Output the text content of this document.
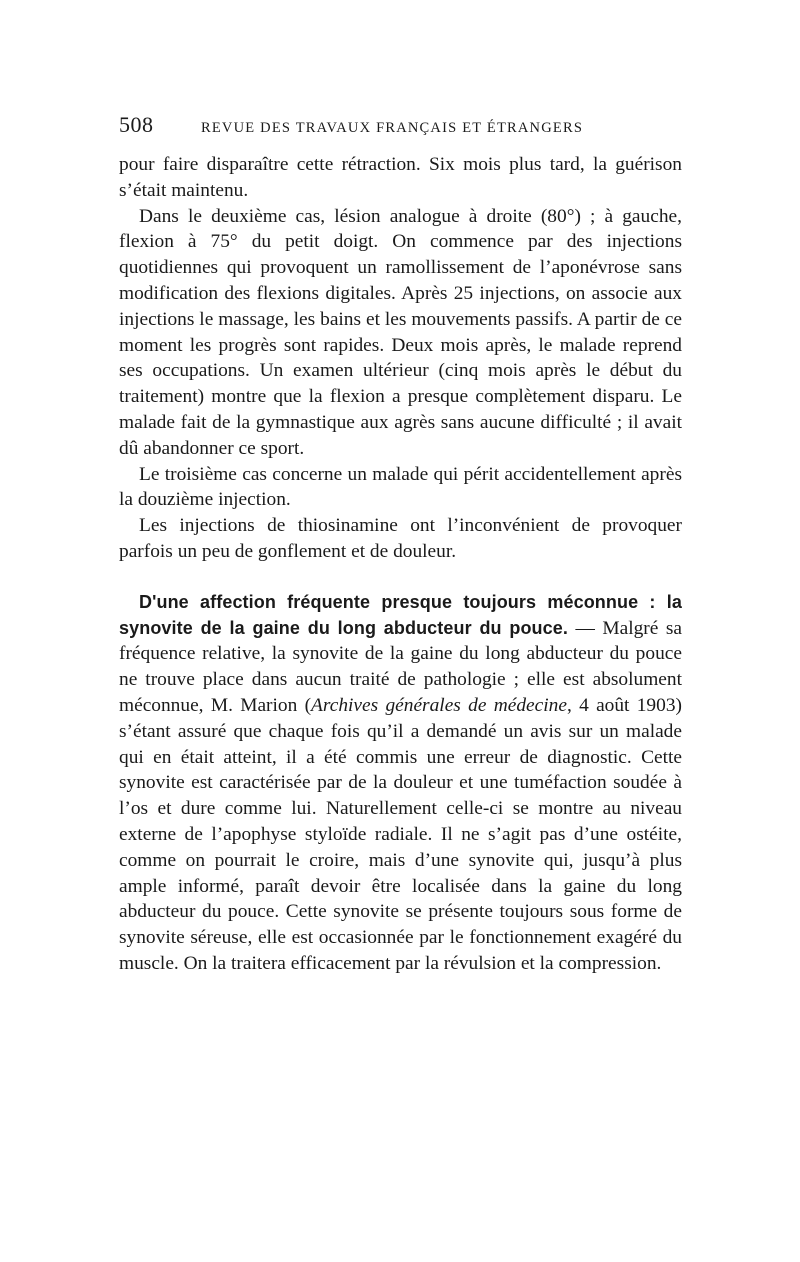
508	REVUE DES TRAVAUX FRANÇAIS ET ÉTRANGERS

pour faire disparaître cette rétraction. Six mois plus tard, la guérison s’était maintenu.

Dans le deuxième cas, lésion analogue à droite (80°) ; à gauche, flexion à 75° du petit doigt. On commence par des injections quotidiennes qui provoquent un ramollissement de l’aponévrose sans modification des flexions digitales. Après 25 injections, on associe aux injections le massage, les bains et les mouvements passifs. A partir de ce moment les progrès sont rapides. Deux mois après, le malade reprend ses occupations. Un examen ultérieur (cinq mois après le début du traitement) montre que la flexion a presque complètement disparu. Le malade fait de la gymnastique aux agrès sans aucune difficulté ; il avait dû abandonner ce sport.

Le troisième cas concerne un malade qui périt accidentellement après la douzième injection.

Les injections de thiosinamine ont l’inconvénient de provoquer parfois un peu de gonflement et de douleur.

D'une affection fréquente presque toujours méconnue : la synovite de la gaine du long abducteur du pouce. — Malgré sa fréquence relative, la synovite de la gaine du long abducteur du pouce ne trouve place dans aucun traité de pathologie ; elle est absolument méconnue, M. Marion (Archives générales de médecine, 4 août 1903) s’étant assuré que chaque fois qu’il a demandé un avis sur un malade qui en était atteint, il a été commis une erreur de diagnostic. Cette synovite est caractérisée par de la douleur et une tuméfaction soudée à l’os et dure comme lui. Naturellement celle-ci se montre au niveau externe de l’apophyse styloïde radiale. Il ne s’agit pas d’une ostéite, comme on pourrait le croire, mais d’une synovite qui, jusqu’à plus ample informé, paraît devoir être localisée dans la gaine du long abducteur du pouce. Cette synovite se présente toujours sous forme de synovite séreuse, elle est occasionnée par le fonctionnement exagéré du muscle. On la traitera efficacement par la révulsion et la compression.
